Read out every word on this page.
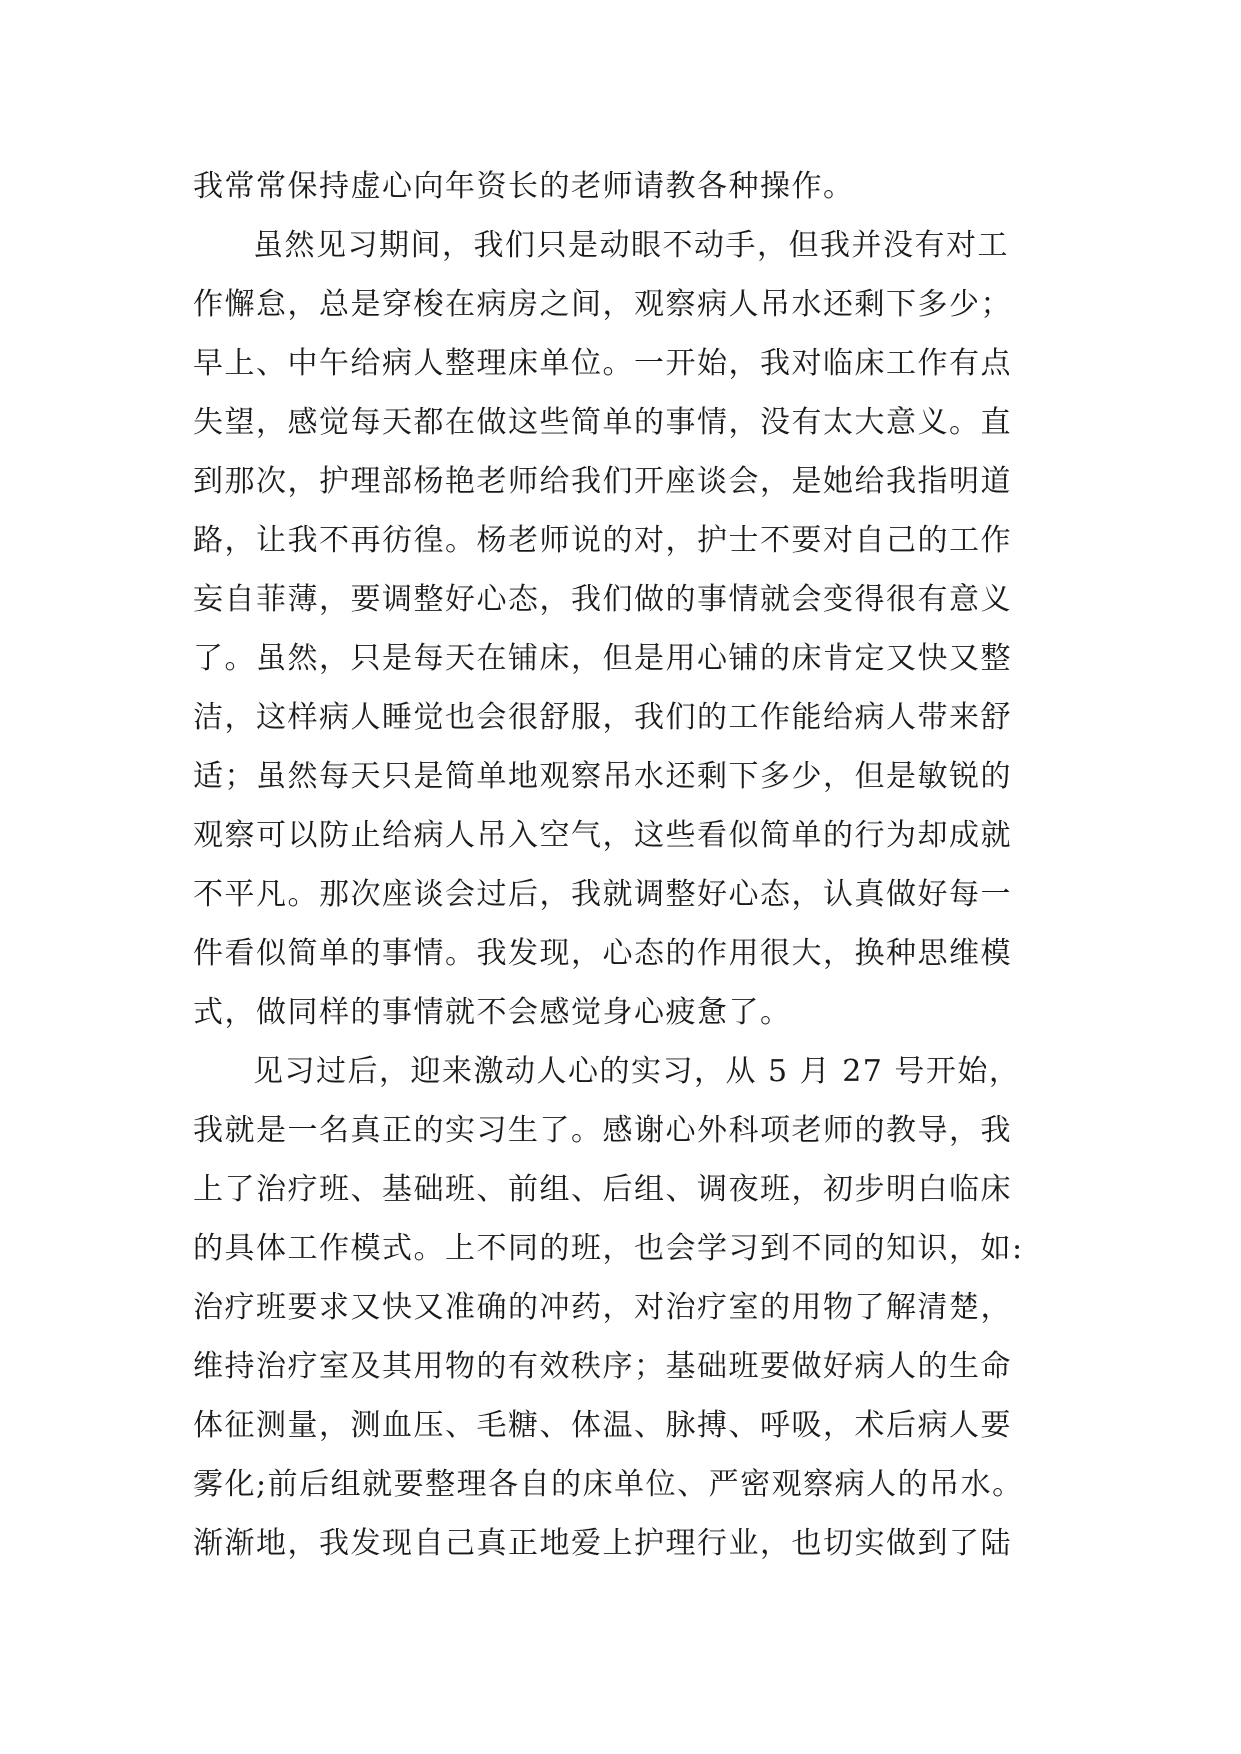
我常常保持虚心向年资长的老师请教各种操作。
虽然见习期间，我们只是动眼不动手，但我并没有对工
作懈怠，总是穿梭在病房之间，观察病人吊水还剩下多少；
早上、中午给病人整理床单位。一开始，我对临床工作有点
失望，感觉每天都在做这些简单的事情，没有太大意义。直
到那次，护理部杨艳老师给我们开座谈会，是她给我指明道
路，让我不再彷徨。杨老师说的对，护士不要对自己的工作
妄自菲薄，要调整好心态，我们做的事情就会变得很有意义
了。虽然，只是每天在铺床，但是用心铺的床肯定又快又整
洁，这样病人睡觉也会很舒服，我们的工作能给病人带来舒
适；虽然每天只是简单地观察吊水还剩下多少，但是敏锐的
观察可以防止给病人吊入空气，这些看似简单的行为却成就
不平凡。那次座谈会过后，我就调整好心态，认真做好每一
件看似简单的事情。我发现，心态的作用很大，换种思维模
式，做同样的事情就不会感觉身心疲惫了。
见习过后，迎来激动人心的实习，从 5 月 27 号开始，
我就是一名真正的实习生了。感谢心外科项老师的教导，我
上了治疗班、基础班、前组、后组、调夜班，初步明白临床
的具体工作模式。上不同的班，也会学习到不同的知识，如:
治疗班要求又快又准确的冲药，对治疗室的用物了解清楚，
维持治疗室及其用物的有效秩序；基础班要做好病人的生命
体征测量，测血压、毛糖、体温、脉搏、呼吸，术后病人要
雾化;前后组就要整理各自的床单位、严密观察病人的吊水。
渐渐地，我发现自己真正地爱上护理行业，也切实做到了陆
